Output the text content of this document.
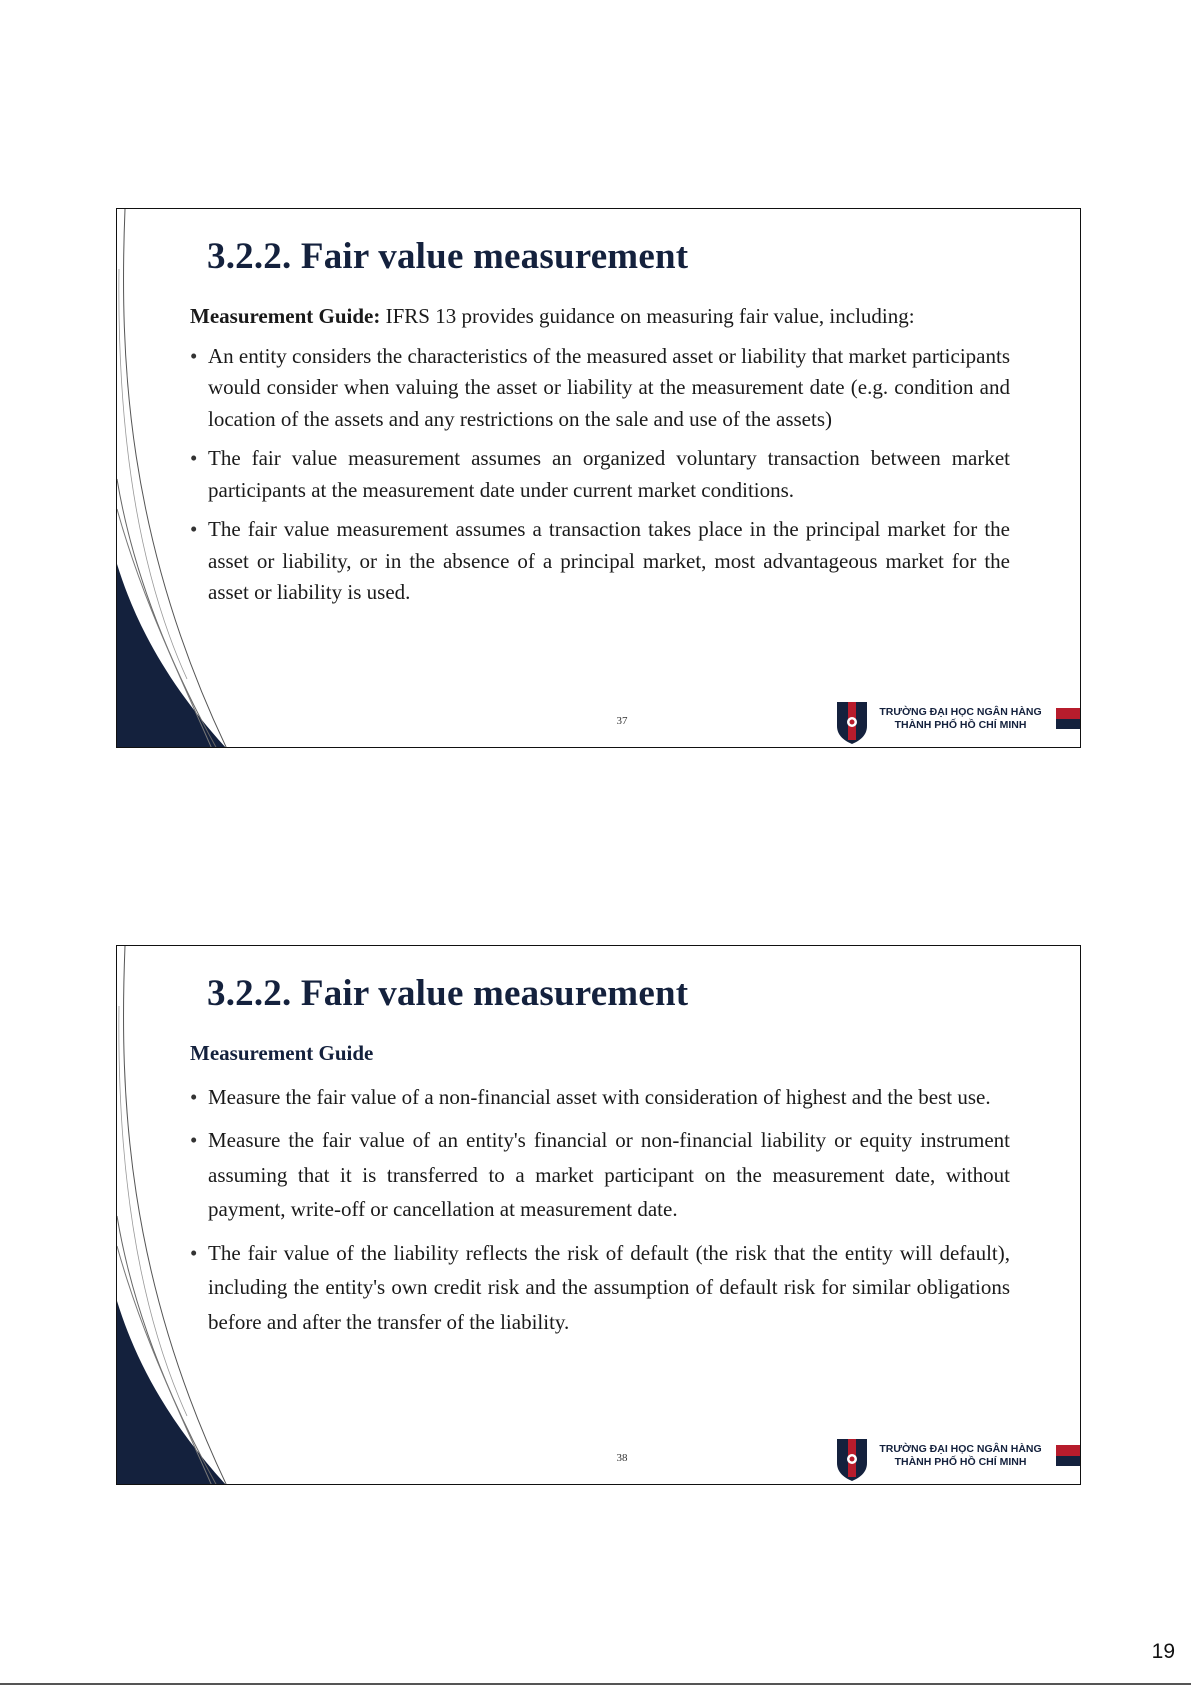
3.2.2. Fair value measurement

Measurement Guide: IFRS 13 provides guidance on measuring fair value, including:

• An entity considers the characteristics of the measured asset or liability that market participants would consider when valuing the asset or liability at the measurement date (e.g. condition and location of the assets and any restrictions on the sale and use of the assets)
• The fair value measurement assumes an organized voluntary transaction between market participants at the measurement date under current market conditions.
• The fair value measurement assumes a transaction takes place in the principal market for the asset or liability, or in the absence of a principal market, most advantageous market for the asset or liability is used.
37
TRƯỜNG ĐẠI HỌC NGÂN HÀNG
THÀNH PHỐ HỒ CHÍ MINH
3.2.2. Fair value measurement

Measurement Guide

• Measure the fair value of a non-financial asset with consideration of highest and the best use.
• Measure the fair value of an entity's financial or non-financial liability or equity instrument assuming that it is transferred to a market participant on the measurement date, without payment, write-off or cancellation at measurement date.
• The fair value of the liability reflects the risk of default (the risk that the entity will default), including the entity's own credit risk and the assumption of default risk for similar obligations before and after the transfer of the liability.
38
TRƯỜNG ĐẠI HỌC NGÂN HÀNG
THÀNH PHỐ HỒ CHÍ MINH
19
